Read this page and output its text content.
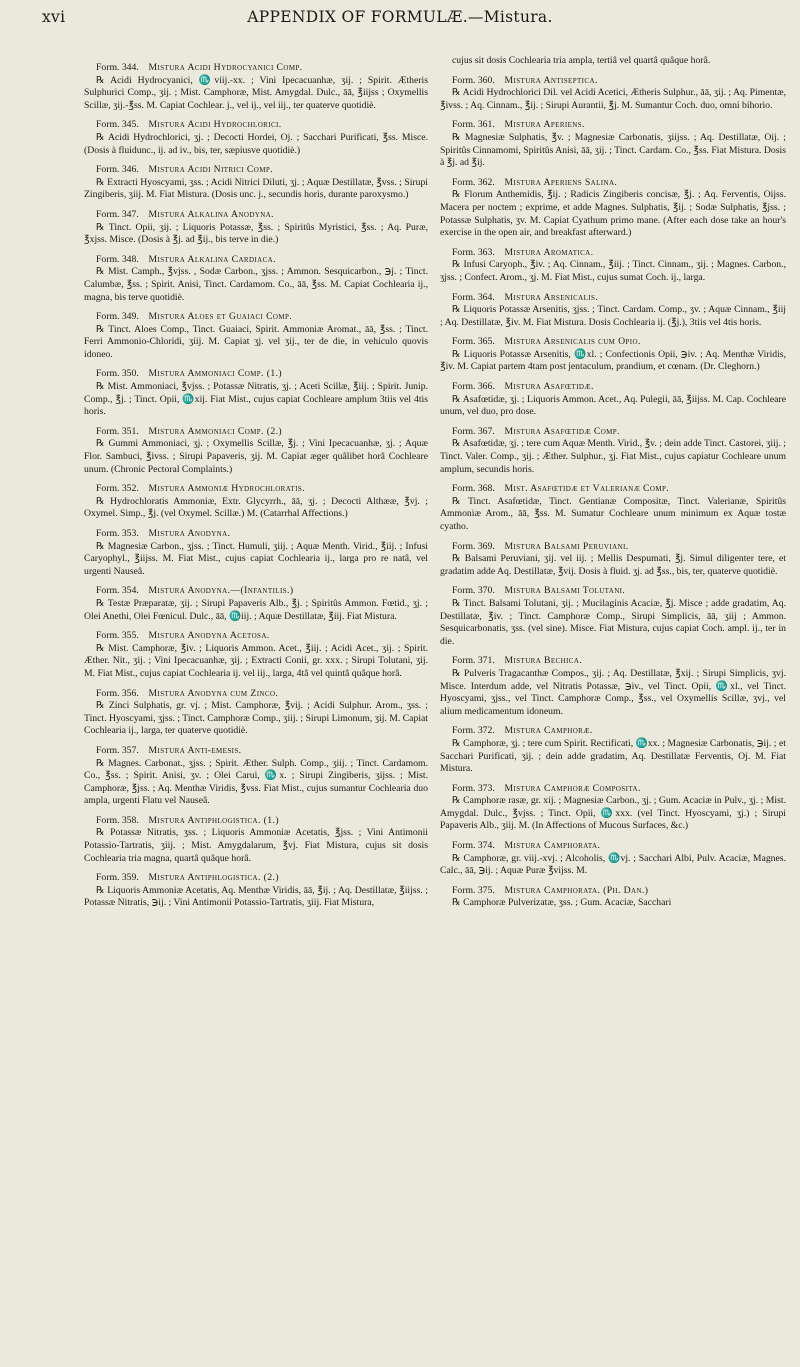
xvi	APPENDIX OF FORMULÆ.—Mistura.

Form. 344.  Mistura Acidi Hydrocyanici Comp.

℞ Acidi Hydrocyanici, ♏viij.-xx. ; Vini Ipecacuanhæ, ʒij. ; Spirit. Ætheris Sulphurici Comp., ʒij. ; Mist. Camphoræ, Mist. Amygdal. Dulc., āā, ℥iijss ; Oxymellis Scillæ, ʒij.-℥ss. M. Capiat Cochlear. j., vel ij., vel iij., ter quaterve quotidiè.

Form. 345.  Mistura Acidi Hydrochlorici.

℞ Acidi Hydrochlorici, ʒj. ; Decocti Hordei, Oj. ; Sacchari Purificati, ℥ss. Misce. (Dosis à fluidunc., ij. ad iv., bis, ter, sæpiusve quotidiè.)

Form. 346.  Mistura Acidi Nitrici Comp.

℞ Extracti Hyoscyami, ʒss. ; Acidi Nitrici Diluti, ʒj. ; Aquæ Destillatæ, ℥vss. ; Sirupi Zingiberis, ʒiij. M. Fiat Mistura. (Dosis unc. j., secundis horis, durante paroxysmo.)

Form. 347.  Mistura Alkalina Anodyna.

℞ Tinct. Opii, ʒij. ; Liquoris Potassæ, ℥ss. ; Spiritûs Myristici, ℥ss. ; Aq. Puræ, ℥xjss. Misce. (Dosis à ℥j. ad ℥ij., bis terve in die.)

Form. 348.  Mistura Alkalina Cardiaca.

℞ Mist. Camph., ℥vjss. , Sodæ Carbon., ʒjss. ; Ammon. Sesquicarbon., ℈j. ; Tinct. Calumbæ, ℥ss. ; Spirit. Anisi, Tinct. Cardamom. Co., āā, ℥ss. M. Capiat Cochlearia ij., magna, bis terve quotidiè.

Form. 349.  Mistura Aloes et Guaiaci Comp.

℞ Tinct. Aloes Comp., Tinct. Guaiaci, Spirit. Ammoniæ Aromat., āā, ℥ss. ; Tinct. Ferri Ammonio-Chloridi, ʒiij. M. Capiat ʒj. vel ʒij., ter de die, in vehiculo quovis idoneo.

Form. 350.  Mistura Ammoniaci Comp. (1.)

℞ Mist. Ammoniaci, ℥vjss. ; Potassæ Nitratis, ʒj. ; Aceti Scillæ, ℥iij. ; Spirit. Junip. Comp., ℥j. ; Tinct. Opii, ♏xij. Fiat Mist., cujus capiat Cochleare amplum 3tiis vel 4tis horis.

Form. 351.  Mistura Ammoniaci Comp. (2.)

℞ Gummi Ammoniaci, ʒj. ; Oxymellis Scillæ, ℥j. ; Vini Ipecacuanhæ, ʒj. ; Aquæ Flor. Sambuci, ℥ivss. ; Sirupi Papaveris, ʒij. M. Capiat æger quâlibet horâ Cochleare unum. (Chronic Pectoral Complaints.)

Form. 352.  Mistura Ammoniæ Hydrochloratis.

℞ Hydrochloratis Ammoniæ, Extr. Glycyrrh., āā, ʒj. ; Decocti Althææ, ℥vj. ; Oxymel. Simp., ℥j. (vel Oxymel. Scillæ.) M. (Catarrhal Affections.)

Form. 353.  Mistura Anodyna.

℞ Magnesiæ Carbon., ʒjss. ; Tinct. Humuli, ʒiij. ; Aquæ Menth. Virid., ℥iij. ; Infusi Caryophyl., ℥iijss. M. Fiat Mist., cujus capiat Cochlearia ij., larga pro re natâ, vel urgenti Nauseâ.

Form. 354.  Mistura Anodyna.—(Infantilis.)

℞ Testæ Præparatæ, ʒij. ; Sirupi Papaveris Alb., ℥j. ; Spiritûs Ammon. Fœtid., ʒj. ; Olei Anethi, Olei Fœnicul. Dulc., āā, ♏iij. ; Aquæ Destillatæ, ℥iij. Fiat Mistura.

Form. 355.  Mistura Anodyna Acetosa.

℞ Mist. Camphoræ, ℥iv. ; Liquoris Ammon. Acet., ℥iij. ; Acidi Acet., ʒij. ; Spirit. Æther. Nit., ʒij. ; Vini Ipecacuanhæ, ʒij. ; Extracti Conii, gr. xxx. ; Sirupi Tolutani, ʒij. M. Fiat Mist., cujus capiat Cochlearia ij. vel iij., larga, 4tâ vel quintâ quâque horâ.

Form. 356.  Mistura Anodyna cum Zinco.

℞ Zinci Sulphatis, gr. vj. ; Mist. Camphoræ, ℥vij. ; Acidi Sulphur. Arom., ʒss. ; Tinct. Hyoscyami, ʒjss. ; Tinct. Camphoræ Comp., ʒiij. ; Sirupi Limonum, ʒij. M. Capiat Cochlearia ij., larga, ter quaterve quotidiè.

Form. 357.  Mistura Anti-emesis.

℞ Magnes. Carbonat., ʒjss. ; Spirit. Æther. Sulph. Comp., ʒiij. ; Tinct. Cardamom. Co., ℥ss. ; Spirit. Anisi, ʒv. ; Olei Carui, ♏x. ; Sirupi Zingiberis, ʒijss. ; Mist. Camphoræ, ℥jss. ; Aq. Menthæ Viridis, ℥vss. Fiat Mist., cujus sumantur Cochlearia duo ampla, urgenti Flatu vel Nauseâ.

Form. 358.  Mistura Antiphlogistica. (1.)

℞ Potassæ Nitratis, ʒss. ; Liquoris Ammoniæ Acetatis, ℥jss. ; Vini Antimonii Potassio-Tartratis, ʒiij. ; Mist. Amygdalarum, ℥vj. Fiat Mistura, cujus sit dosis Cochlearia tria magna, quartâ quâque horâ.

Form. 359.  Mistura Antiphlogistica. (2.)

℞ Liquoris Ammoniæ Acetatis, Aq. Menthæ Viridis, āā, ℥ij. ; Aq. Destillatæ, ℥iijss. ; Potassæ Nitratis, ℈ij. ; Vini Antimonii Potassio-Tartratis, ʒiij. Fiat Mistura,

cujus sit dosis Cochlearia tria ampla, tertiâ vel quartâ quâque horâ.

Form. 360.  Mistura Antiseptica.

℞ Acidi Hydrochlorici Dil. vel Acidi Acetici, Ætheris Sulphur., āā, ʒij. ; Aq. Pimentæ, ℥ivss. ; Aq. Cinnam., ℥ij. ; Sirupi Aurantii, ℥j. M. Sumantur Coch. duo, omni bihorio.

Form. 361.  Mistura Aperiens.

℞ Magnesiæ Sulphatis, ℥v. ; Magnesiæ Carbonatis, ʒiijss. ; Aq. Destillatæ, Oij. ; Spiritûs Cinnamomi, Spiritûs Anisi, āā, ʒij. ; Tinct. Cardam. Co., ℥ss. Fiat Mistura. Dosis à ℥j. ad ℥ij.

Form. 362.  Mistura Aperiens Salina.

℞ Florum Anthemidis, ℥ij. ; Radicis Zingiberis concisæ, ℥j. ; Aq. Ferventis, Oijss. Macera per noctem ; exprime, et adde Magnes. Sulphatis, ℥ij. ; Sodæ Sulphatis, ℥jss. ; Potassæ Sulphatis, ʒv. M. Capiat Cyathum primo mane. (After each dose take an hour's exercise in the open air, and breakfast afterward.)

Form. 363.  Mistura Aromatica.

℞ Infusi Caryoph., ℥iv. ; Aq. Cinnam., ℥iij. ; Tinct. Cinnam., ʒij. ; Magnes. Carbon., ʒjss. ; Confect. Arom., ʒj. M. Fiat Mist., cujus sumat Coch. ij., larga.

Form. 364.  Mistura Arsenicalis.

℞ Liquoris Potassæ Arsenitis, ʒjss. ; Tinct. Cardam. Comp., ʒv. ; Aquæ Cinnam., ℥iij ; Aq. Destillatæ, ℥iv. M. Fiat Mistura. Dosis Cochlearia ij. (℥j.), 3tiis vel 4tis horis.

Form. 365.  Mistura Arsenicalis cum Opio.

℞ Liquoris Potassæ Arsenitis, ♏xl. ; Confectionis Opii, ℈iv. ; Aq. Menthæ Viridis, ℥iv. M. Capiat partem 4tam post jentaculum, prandium, et cœnam. (Dr. Cleghorn.)

Form. 366.  Mistura Asafœtidæ.

℞ Asafœtidæ, ʒj. ; Liquoris Ammon. Acet., Aq. Pulegii, āā, ℥iijss. M. Cap. Cochleare unum, vel duo, pro dose.

Form. 367.  Mistura Asafœtidæ Comp.

℞ Asafœtidæ, ʒj. ; tere cum Aquæ Menth. Virid., ℥v. ; dein adde Tinct. Castorei, ʒiij. ; Tinct. Valer. Comp., ʒij. ; Æther. Sulphur., ʒj. Fiat Mist., cujus capiatur Cochleare unum amplum, secundis horis.

Form. 368.  Mist. Asafœtidæ et Valerianæ Comp.

℞ Tinct. Asafœtidæ, Tinct. Gentianæ Compositæ, Tinct. Valerianæ, Spiritûs Ammoniæ Arom., āā, ℥ss. M. Sumatur Cochleare unum minimum ex Aquæ tostæ cyatho.

Form. 369.  Mistura Balsami Peruviani.

℞ Balsami Peruviani, ʒij. vel iij. ; Mellis Despumati, ℥j. Simul diligenter tere, et gradatim adde Aq. Destillatæ, ℥vij. Dosis à fluid. ʒj. ad ℥ss., bis, ter, quaterve quotidiè.

Form. 370.  Mistura Balsami Tolutani.

℞ Tinct. Balsami Tolutani, ʒij. ; Mucilaginis Acaciæ, ℥j. Misce ; adde gradatim, Aq. Destillatæ, ℥iv. ; Tinct. Camphoræ Comp., Sirupi Simplicis, āā, ʒiij ; Ammon. Sesquicarbonatis, ʒss. (vel sine). Misce. Fiat Mistura, cujus capiat Coch. ampl. ij., ter in die.

Form. 371.  Mistura Bechica.

℞ Pulveris Tragacanthæ Compos., ʒij. ; Aq. Destillatæ, ℥xij. ; Sirupi Simplicis, ʒvj. Misce. Interdum adde, vel Nitratis Potassæ, ℈iv., vel Tinct. Opii, ♏xl., vel Tinct. Hyoscyami, ʒjss., vel Tinct. Camphoræ Comp., ℥ss., vel Oxymellis Scillæ, ʒvj., vel alium medicamentum idoneum.

Form. 372.  Mistura Camphoræ.

℞ Camphoræ, ʒj. ; tere cum Spirit. Rectificati, ♏xx. ; Magnesiæ Carbonatis, ℈ij. ; et Sacchari Purificati, ʒij. ; dein adde gradatim, Aq. Destillatæ Ferventis, Oj. M. Fiat Mistura.

Form. 373.  Mistura Camphoræ Composita.

℞ Camphoræ rasæ, gr. xij. ; Magnesiæ Carbon., ʒj. ; Gum. Acaciæ in Pulv., ʒj. ; Mist. Amygdal. Dulc., ℥vjss. ; Tinct. Opii, ♏xxx. (vel Tinct. Hyoscyami, ʒj.) ; Sirupi Papaveris Alb., ʒiij. M. (In Affections of Mucous Surfaces, &c.)

Form. 374.  Mistura Camphorata.

℞ Camphoræ, gr. viij.-xvj. ; Alcoholis, ♏vj. ; Sacchari Albi, Pulv. Acaciæ, Magnes. Calc., āā, ℈ij. ; Aquæ Puræ ℥vijss. M.

Form. 375.  Mistura Camphorata. (Ph. Dan.)

℞ Camphoræ Pulverizatæ, ʒss. ; Gum. Acaciæ, Sacchari
